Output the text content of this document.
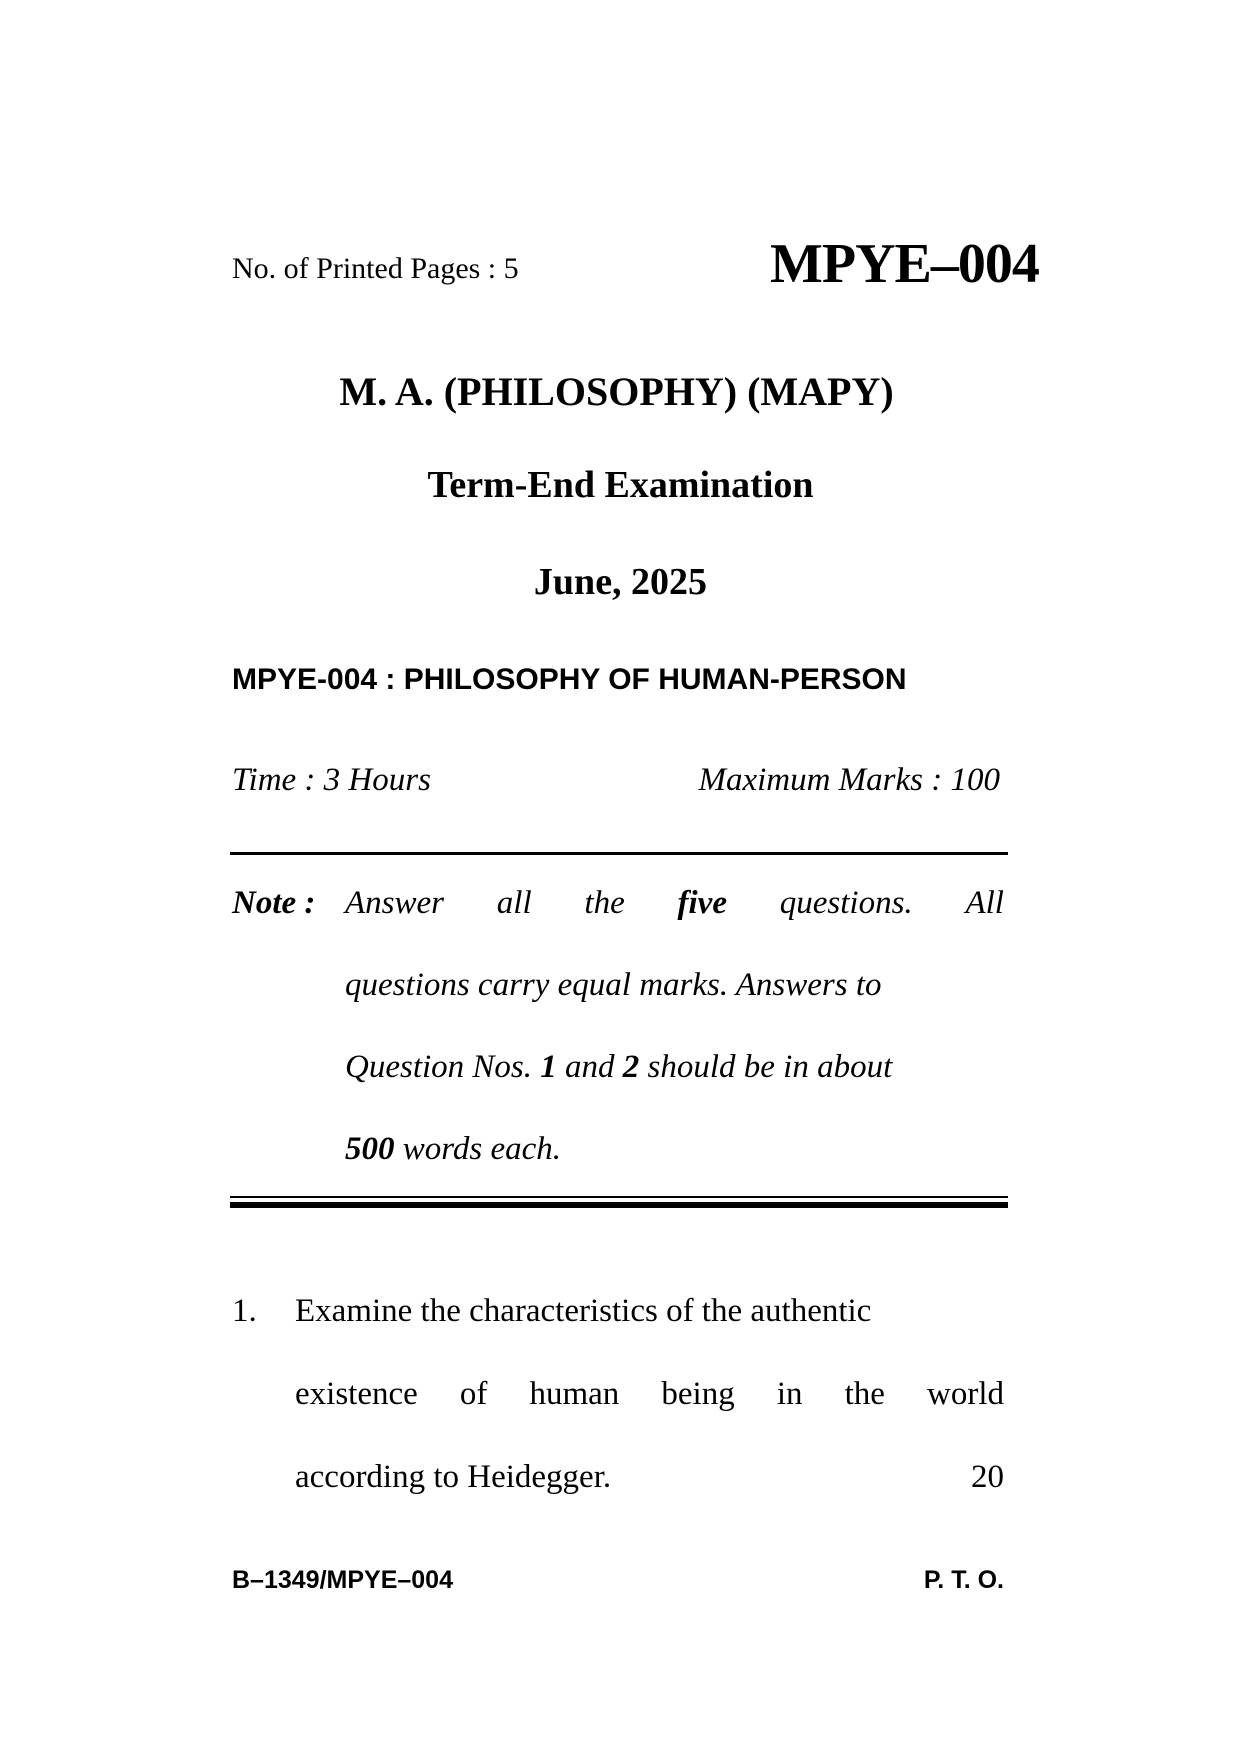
No. of Printed Pages : 5	MPYE–004
M. A. (PHILOSOPHY) (MAPY)
Term-End Examination
June, 2025
MPYE-004 : PHILOSOPHY OF HUMAN-PERSON
Time : 3 Hours	Maximum Marks : 100
Note : Answer all the five questions. All
questions carry equal marks. Answers to
Question Nos. 1 and 2 should be in about
500 words each.
1. Examine the characteristics of the authentic
existence of human being in the world
according to Heidegger.	20
B–1349/MPYE–004	P. T. O.
